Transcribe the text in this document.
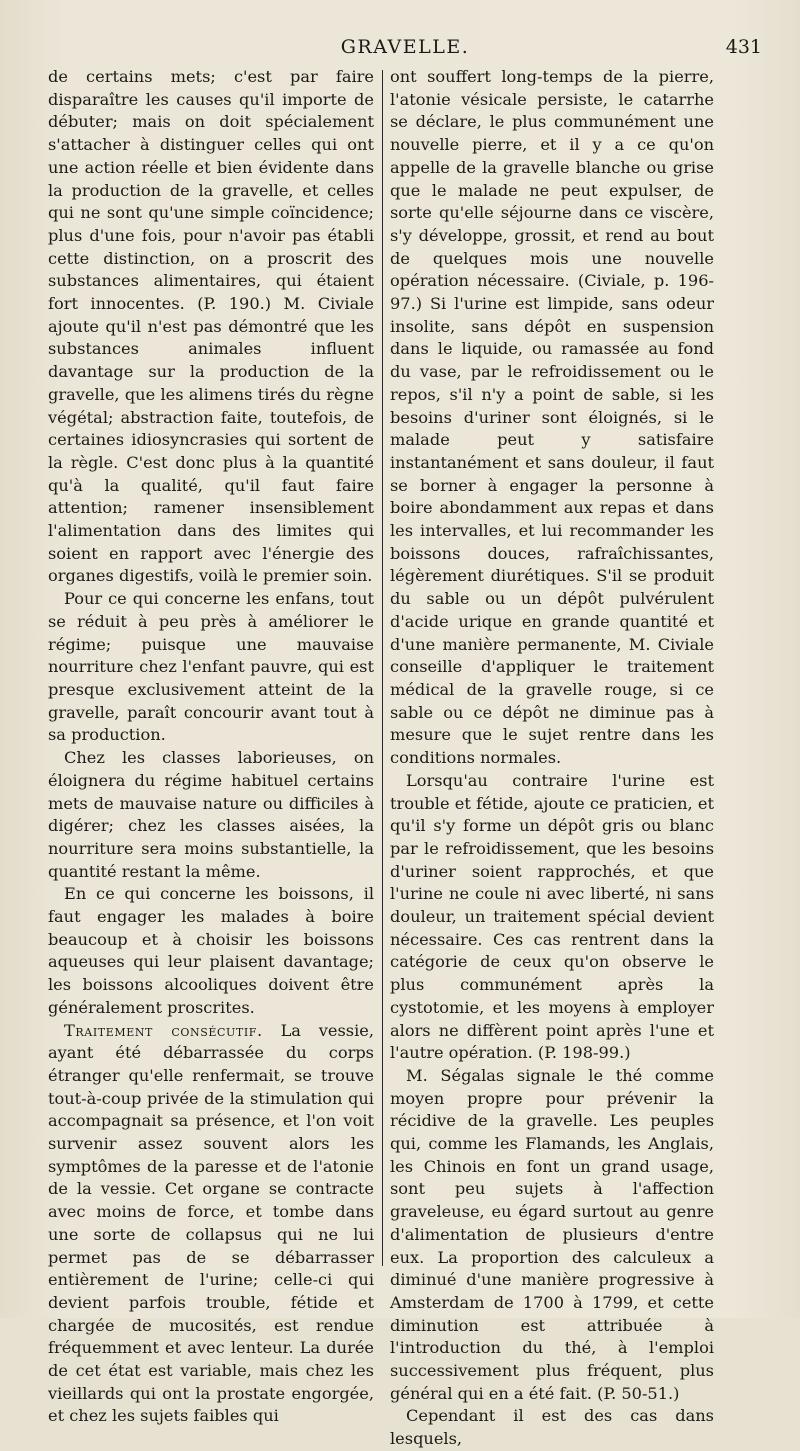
GRAVELLE.	431

de certains mets; c'est par faire disparaître les causes qu'il importe de débuter; mais on doit spécialement s'attacher à distinguer celles qui ont une action réelle et bien évidente dans la production de la gravelle, et celles qui ne sont qu'une simple coïncidence; plus d'une fois, pour n'avoir pas établi cette distinction, on a proscrit des substances alimentaires, qui étaient fort innocentes. (P. 190.) M. Civiale ajoute qu'il n'est pas démontré que les substances animales influent davantage sur la production de la gravelle, que les alimens tirés du règne végétal; abstraction faite, toutefois, de certaines idiosyncrasies qui sortent de la règle. C'est donc plus à la quantité qu'à la qualité, qu'il faut faire attention; ramener insensiblement l'alimentation dans des limites qui soient en rapport avec l'énergie des organes digestifs, voilà le premier soin.

Pour ce qui concerne les enfans, tout se réduit à peu près à améliorer le régime; puisque une mauvaise nourriture chez l'enfant pauvre, qui est presque exclusivement atteint de la gravelle, paraît concourir avant tout à sa production.

Chez les classes laborieuses, on éloignera du régime habituel certains mets de mauvaise nature ou difficiles à digérer; chez les classes aisées, la nourriture sera moins substantielle, la quantité restant la même.

En ce qui concerne les boissons, il faut engager les malades à boire beaucoup et à choisir les boissons aqueuses qui leur plaisent davantage; les boissons alcooliques doivent être généralement proscrites.

Traitement consécutif. La vessie, ayant été débarrassée du corps étranger qu'elle renfermait, se trouve tout-à-coup privée de la stimulation qui accompagnait sa présence, et l'on voit survenir assez souvent alors les symptômes de la paresse et de l'atonie de la vessie. Cet organe se contracte avec moins de force, et tombe dans une sorte de collapsus qui ne lui permet pas de se débarrasser entièrement de l'urine; celle-ci qui devient parfois trouble, fétide et chargée de mucosités, est rendue fréquemment et avec lenteur. La durée de cet état est variable, mais chez les vieillards qui ont la prostate engorgée, et chez les sujets faibles qui

ont souffert long-temps de la pierre, l'atonie vésicale persiste, le catarrhe se déclare, le plus communément une nouvelle pierre, et il y a ce qu'on appelle de la gravelle blanche ou grise que le malade ne peut expulser, de sorte qu'elle séjourne dans ce viscère, s'y développe, grossit, et rend au bout de quelques mois une nouvelle opération nécessaire. (Civiale, p. 196-97.) Si l'urine est limpide, sans odeur insolite, sans dépôt en suspension dans le liquide, ou ramassée au fond du vase, par le refroidissement ou le repos, s'il n'y a point de sable, si les besoins d'uriner sont éloignés, si le malade peut y satisfaire instantanément et sans douleur, il faut se borner à engager la personne à boire abondamment aux repas et dans les intervalles, et lui recommander les boissons douces, rafraîchissantes, légèrement diurétiques. S'il se produit du sable ou un dépôt pulvérulent d'acide urique en grande quantité et d'une manière permanente, M. Civiale conseille d'appliquer le traitement médical de la gravelle rouge, si ce sable ou ce dépôt ne diminue pas à mesure que le sujet rentre dans les conditions normales.

Lorsqu'au contraire l'urine est trouble et fétide, ajoute ce praticien, et qu'il s'y forme un dépôt gris ou blanc par le refroidissement, que les besoins d'uriner soient rapprochés, et que l'urine ne coule ni avec liberté, ni sans douleur, un traitement spécial devient nécessaire. Ces cas rentrent dans la catégorie de ceux qu'on observe le plus communément après la cystotomie, et les moyens à employer alors ne diffèrent point après l'une et l'autre opération. (P. 198-99.)

M. Ségalas signale le thé comme moyen propre pour prévenir la récidive de la gravelle. Les peuples qui, comme les Flamands, les Anglais, les Chinois en font un grand usage, sont peu sujets à l'affection graveleuse, eu égard surtout au genre d'alimentation de plusieurs d'entre eux. La proportion des calculeux a diminué d'une manière progressive à Amsterdam de 1700 à 1799, et cette diminution est attribuée à l'introduction du thé, à l'emploi successivement plus fréquent, plus général qui en a été fait. (P. 50-51.)

Cependant il est des cas dans lesquels,
